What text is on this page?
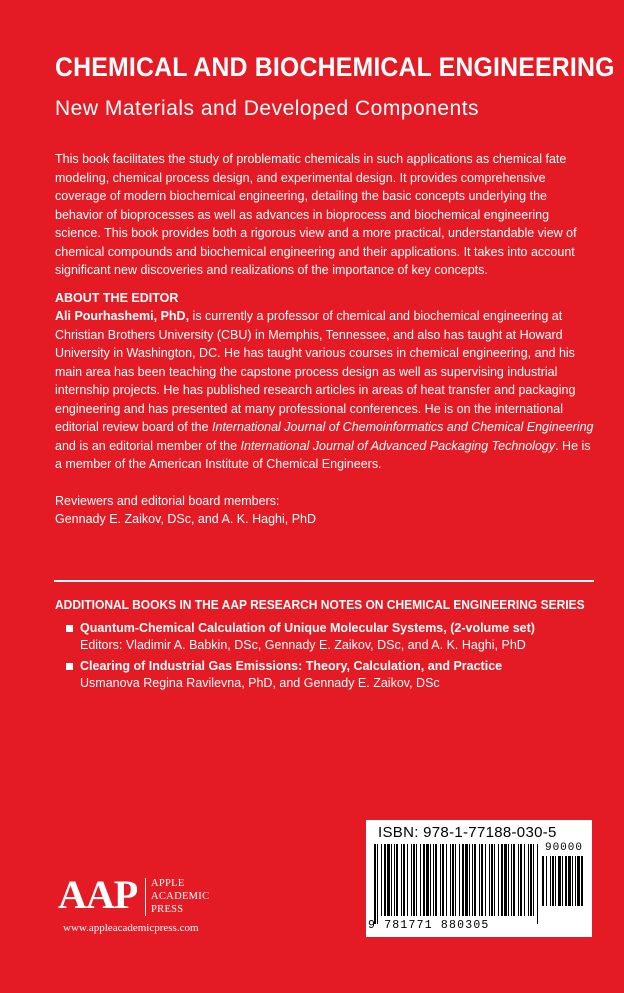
CHEMICAL AND BIOCHEMICAL ENGINEERING
New Materials and Developed Components

This book facilitates the study of problematic chemicals in such applications as chemical fate modeling, chemical process design, and experimental design. It provides comprehensive coverage of modern biochemical engineering, detailing the basic concepts underlying the behavior of bioprocesses as well as advances in bioprocess and biochemical engineering science. This book provides both a rigorous view and a more practical, understandable view of chemical compounds and biochemical engineering and their applications. It takes into account significant new discoveries and realizations of the importance of key concepts.

ABOUT THE EDITOR

Ali Pourhashemi, PhD, is currently a professor of chemical and biochemical engineering at Christian Brothers University (CBU) in Memphis, Tennessee, and also has taught at Howard University in Washington, DC. He has taught various courses in chemical engineering, and his main area has been teaching the capstone process design as well as supervising industrial internship projects. He has published research articles in areas of heat transfer and packaging engineering and has presented at many professional conferences. He is on the international editorial review board of the International Journal of Chemoinformatics and Chemical Engineering and is an editorial member of the International Journal of Advanced Packaging Technology. He is a member of the American Institute of Chemical Engineers.

Reviewers and editorial board members:

Gennady E. Zaikov, DSc, and A. K. Haghi, PhD

ADDITIONAL BOOKS IN THE AAP RESEARCH NOTES ON CHEMICAL ENGINEERING SERIES
Quantum-Chemical Calculation of Unique Molecular Systems, (2-volume set)
Editors: Vladimir A. Babkin, DSc, Gennady E. Zaikov, DSc, and A. K. Haghi, PhD
Clearing of Industrial Gas Emissions: Theory, Calculation, and Practice
Usmanova Regina Ravilevna, PhD, and Gennady E. Zaikov, DSc
AAP APPLE
ACADEMIC
PRESS
www.appleacademicpress.com
ISBN: 978-1-77188-030-5
90000
9 781771 880305
